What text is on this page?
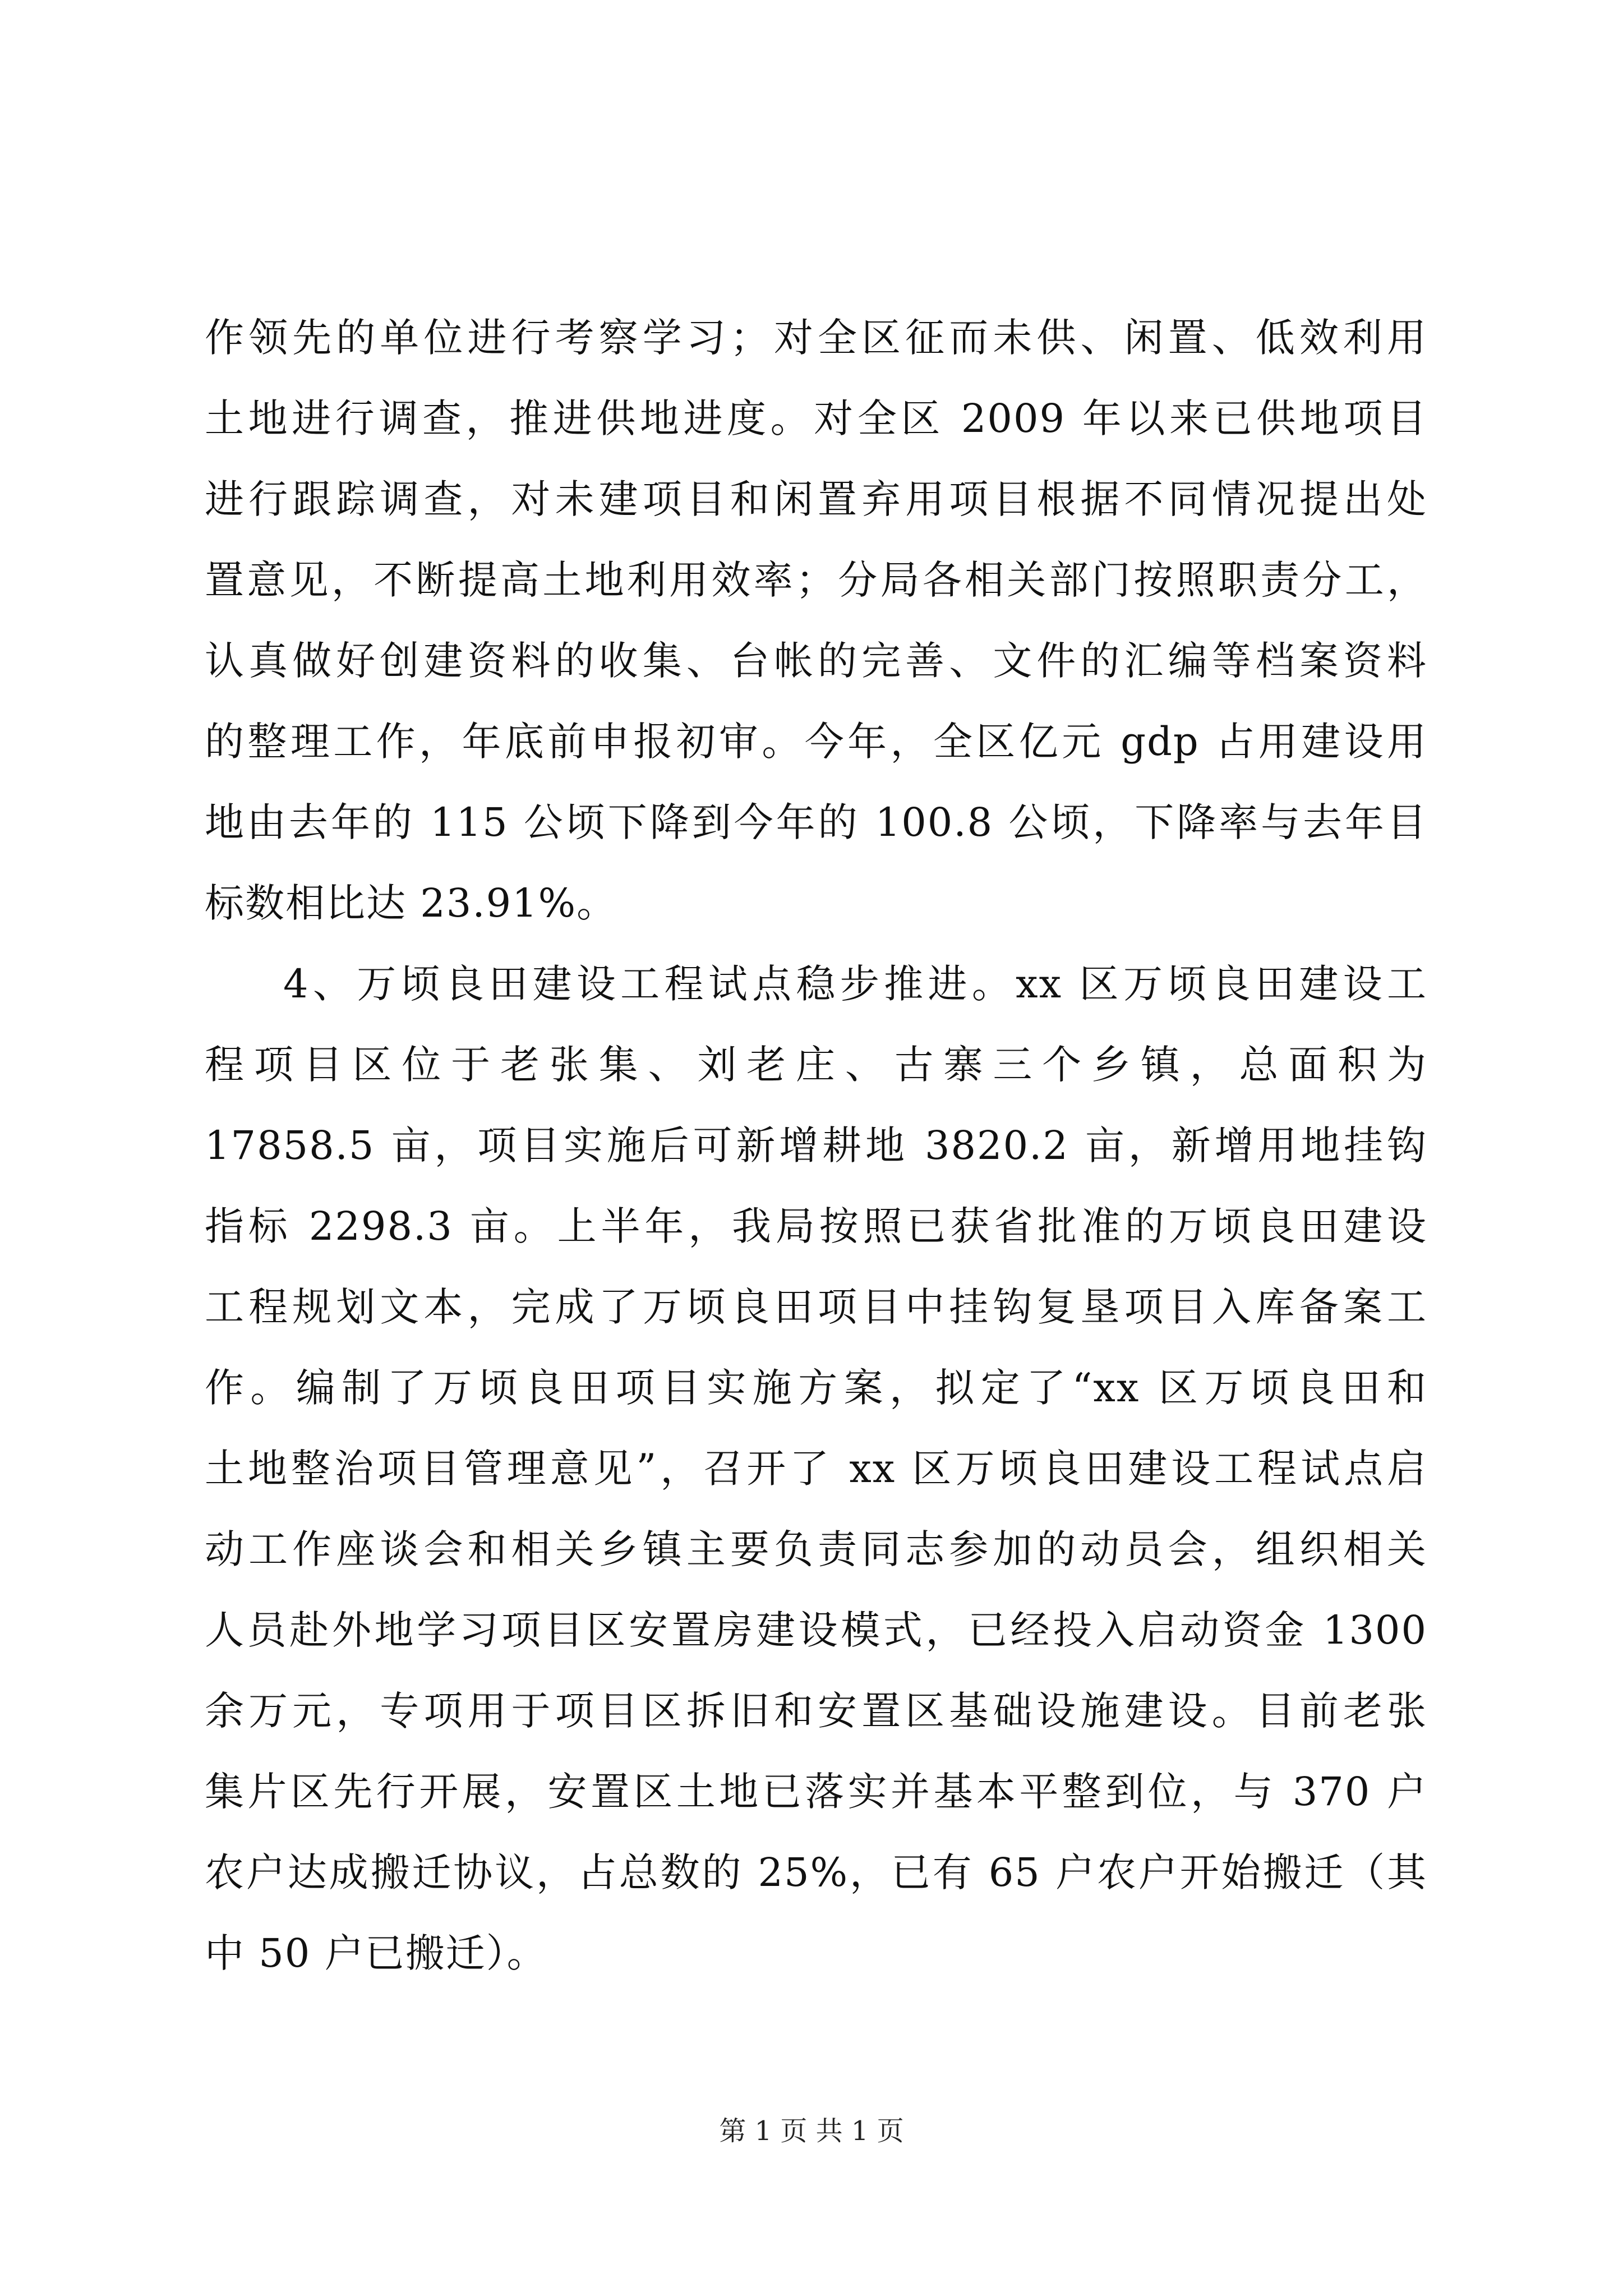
作领先的单位进行考察学习；对全区征而未供、闲置、低效利用
土地进行调查，推进供地进度。对全区 2009 年以来已供地项目
进行跟踪调查，对未建项目和闲置弃用项目根据不同情况提出处
置意见，不断提高土地利用效率；分局各相关部门按照职责分工，
认真做好创建资料的收集、台帐的完善、文件的汇编等档案资料
的整理工作，年底前申报初审。今年，全区亿元 gdp 占用建设用
地由去年的 115 公顷下降到今年的 100.8 公顷，下降率与去年目
标数相比达 23.91%。

4、万顷良田建设工程试点稳步推进。xx 区万顷良田建设工
程项目区位于老张集、刘老庄、古寨三个乡镇，总面积为
17858.5 亩，项目实施后可新增耕地 3820.2 亩，新增用地挂钩
指标 2298.3 亩。上半年，我局按照已获省批准的万顷良田建设
工程规划文本，完成了万顷良田项目中挂钩复垦项目入库备案工
作。编制了万顷良田项目实施方案，拟定了“xx 区万顷良田和
土地整治项目管理意见”，召开了 xx 区万顷良田建设工程试点启
动工作座谈会和相关乡镇主要负责同志参加的动员会，组织相关
人员赴外地学习项目区安置房建设模式，已经投入启动资金 1300
余万元，专项用于项目区拆旧和安置区基础设施建设。目前老张
集片区先行开展，安置区土地已落实并基本平整到位，与 370 户
农户达成搬迁协议，占总数的 25%，已有 65 户农户开始搬迁（其
中 50 户已搬迁）。

第 1 页 共 1 页
